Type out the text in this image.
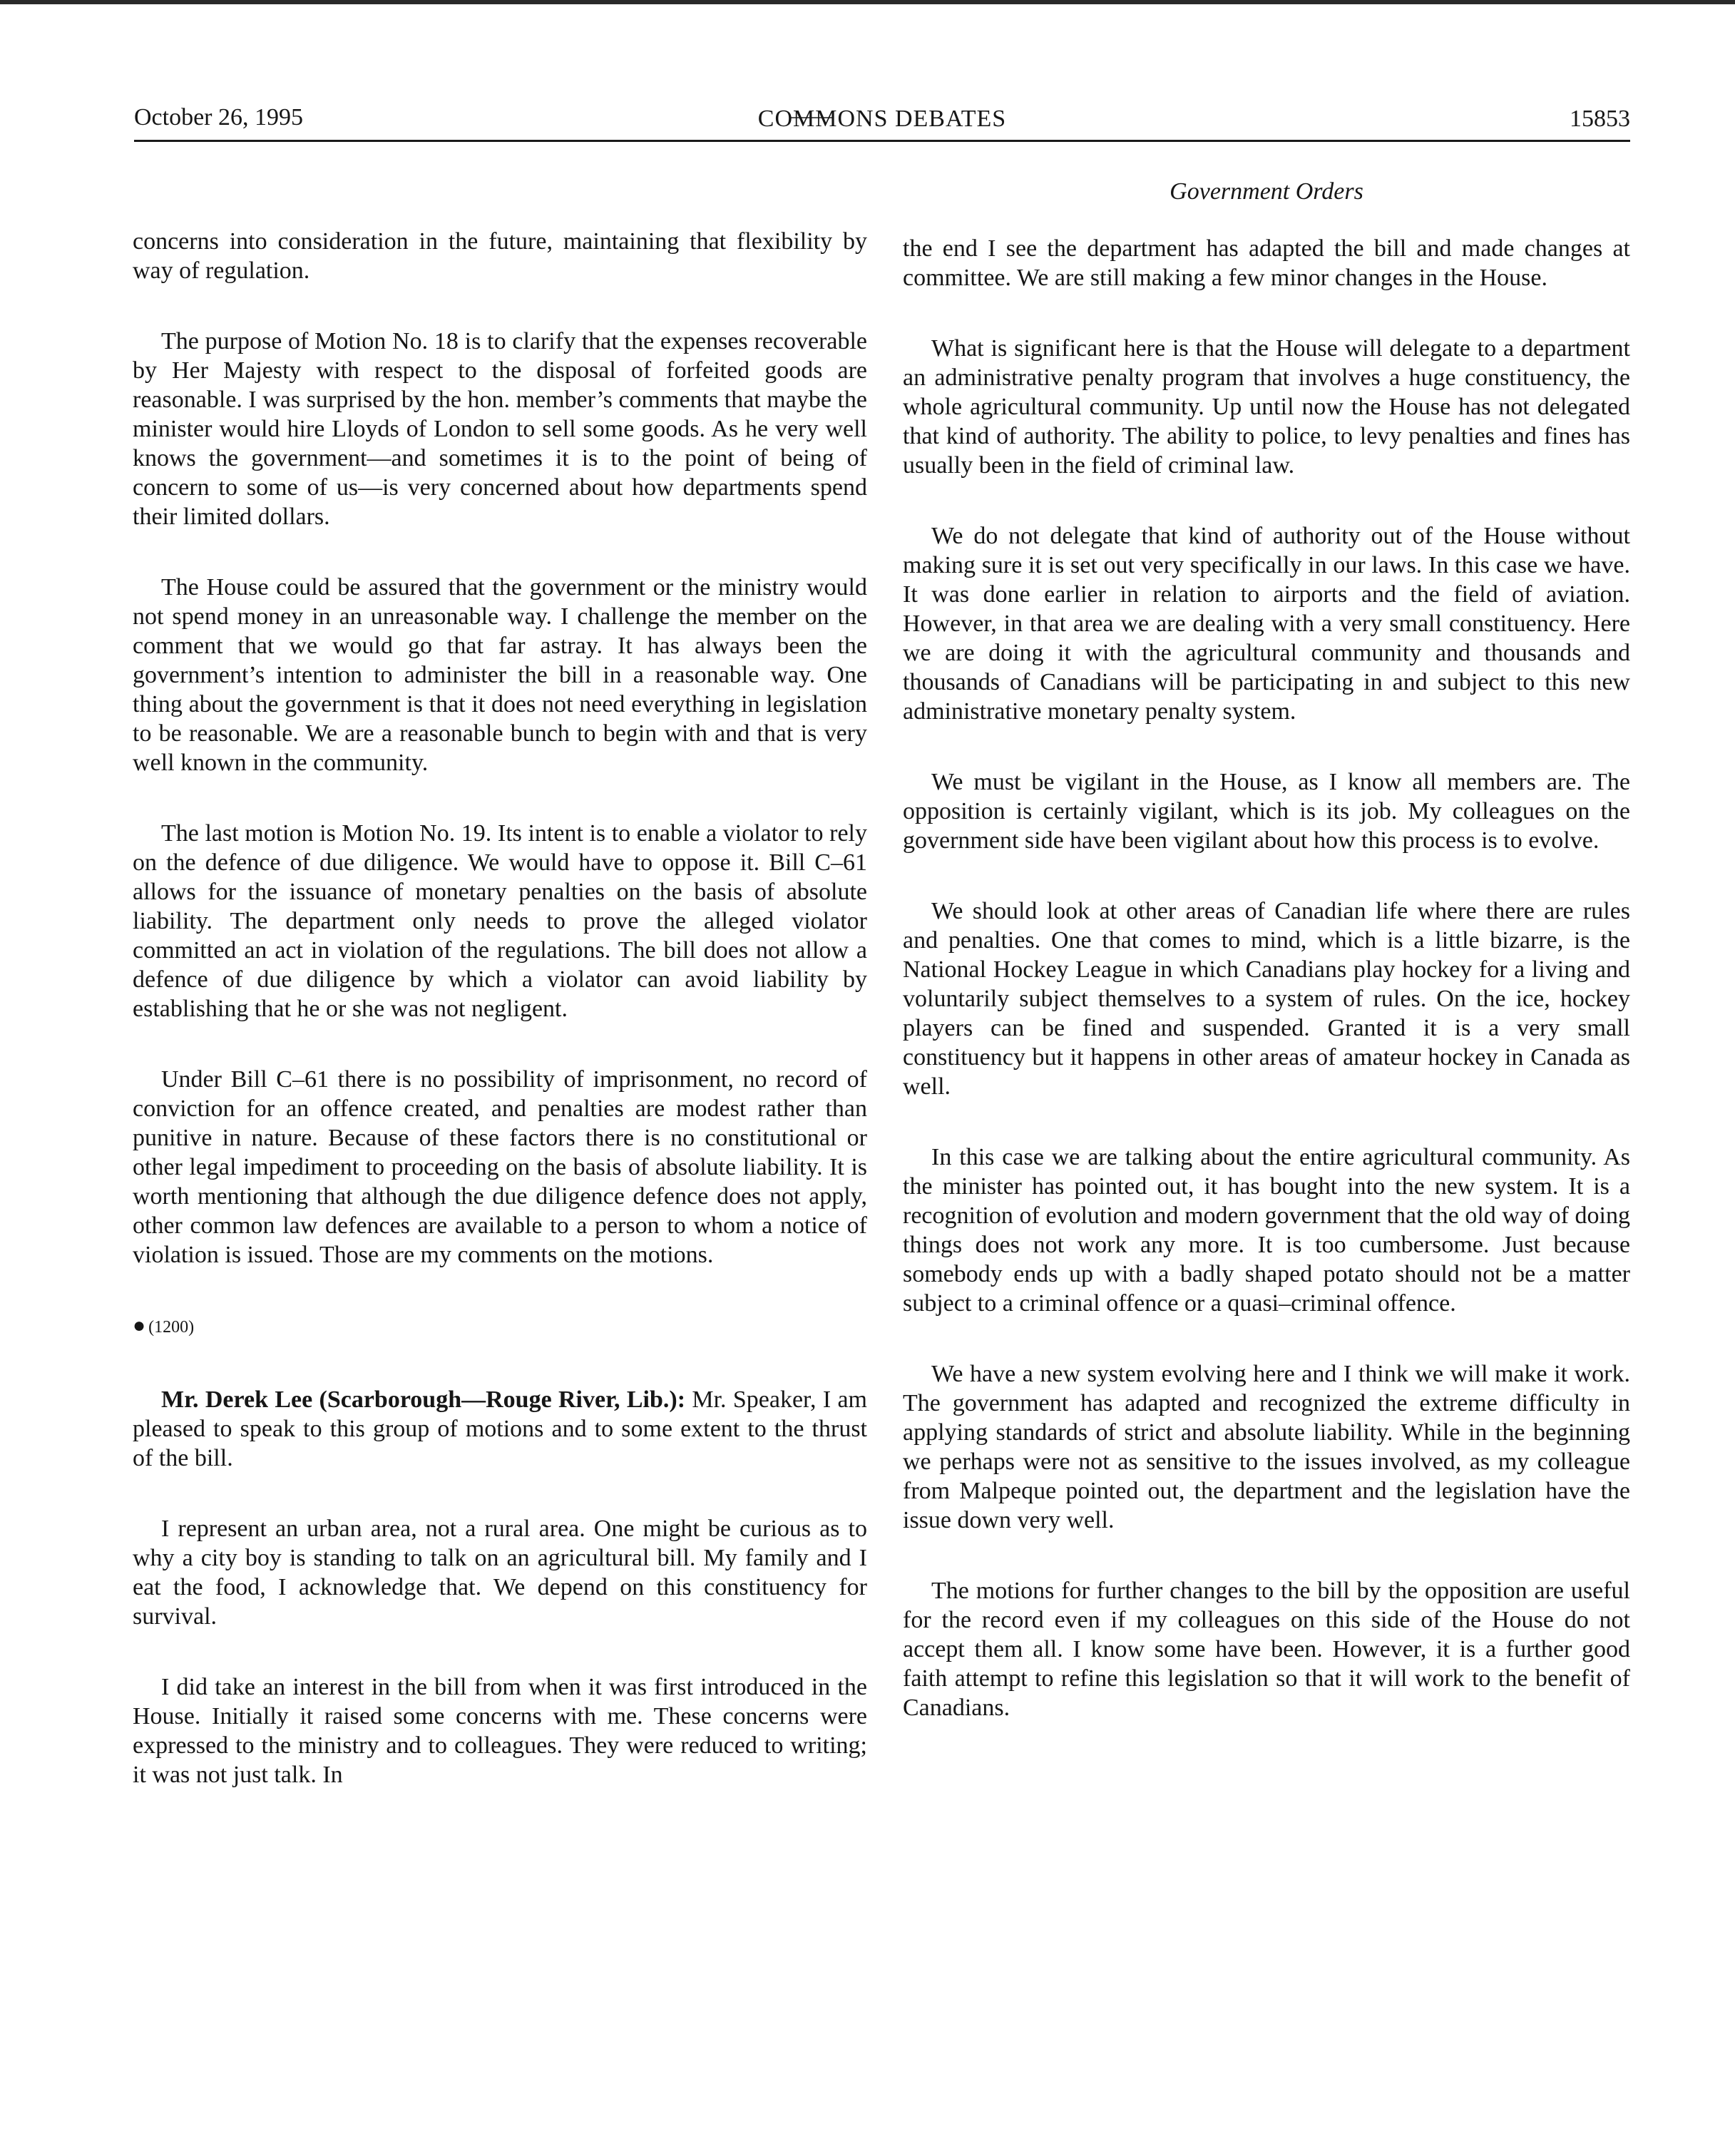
October 26, 1995	COMMONS DEBATES	15853
Government Orders

concerns into consideration in the future, maintaining that flexibility by way of regulation.

The purpose of Motion No. 18 is to clarify that the expenses recoverable by Her Majesty with respect to the disposal of forfeited goods are reasonable. I was surprised by the hon. member’s comments that maybe the minister would hire Lloyds of London to sell some goods. As he very well knows the government—and sometimes it is to the point of being of concern to some of us—is very concerned about how departments spend their limited dollars.

The House could be assured that the government or the ministry would not spend money in an unreasonable way. I challenge the member on the comment that we would go that far astray. It has always been the government’s intention to administer the bill in a reasonable way. One thing about the government is that it does not need everything in legislation to be reasonable. We are a reasonable bunch to begin with and that is very well known in the community.

The last motion is Motion No. 19. Its intent is to enable a violator to rely on the defence of due diligence. We would have to oppose it. Bill C–61 allows for the issuance of monetary penalties on the basis of absolute liability. The department only needs to prove the alleged violator committed an act in violation of the regulations. The bill does not allow a defence of due diligence by which a violator can avoid liability by establishing that he or she was not negligent.

Under Bill C–61 there is no possibility of imprisonment, no record of conviction for an offence created, and penalties are modest rather than punitive in nature. Because of these factors there is no constitutional or other legal impediment to proceeding on the basis of absolute liability. It is worth mentioning that although the due diligence defence does not apply, other common law defences are available to a person to whom a notice of violation is issued. Those are my comments on the motions.

● (1200)

Mr. Derek Lee (Scarborough—Rouge River, Lib.): Mr. Speaker, I am pleased to speak to this group of motions and to some extent to the thrust of the bill.

I represent an urban area, not a rural area. One might be curious as to why a city boy is standing to talk on an agricultural bill. My family and I eat the food, I acknowledge that. We depend on this constituency for survival.

I did take an interest in the bill from when it was first introduced in the House. Initially it raised some concerns with me. These concerns were expressed to the ministry and to colleagues. They were reduced to writing; it was not just talk. In

the end I see the department has adapted the bill and made changes at committee. We are still making a few minor changes in the House.

What is significant here is that the House will delegate to a department an administrative penalty program that involves a huge constituency, the whole agricultural community. Up until now the House has not delegated that kind of authority. The ability to police, to levy penalties and fines has usually been in the field of criminal law.

We do not delegate that kind of authority out of the House without making sure it is set out very specifically in our laws. In this case we have. It was done earlier in relation to airports and the field of aviation. However, in that area we are dealing with a very small constituency. Here we are doing it with the agricultural community and thousands and thousands of Canadians will be participating in and subject to this new administrative monetary penalty system.

We must be vigilant in the House, as I know all members are. The opposition is certainly vigilant, which is its job. My colleagues on the government side have been vigilant about how this process is to evolve.

We should look at other areas of Canadian life where there are rules and penalties. One that comes to mind, which is a little bizarre, is the National Hockey League in which Canadians play hockey for a living and voluntarily subject themselves to a system of rules. On the ice, hockey players can be fined and suspended. Granted it is a very small constituency but it happens in other areas of amateur hockey in Canada as well.

In this case we are talking about the entire agricultural community. As the minister has pointed out, it has bought into the new system. It is a recognition of evolution and modern government that the old way of doing things does not work any more. It is too cumbersome. Just because somebody ends up with a badly shaped potato should not be a matter subject to a criminal offence or a quasi–criminal offence.

We have a new system evolving here and I think we will make it work. The government has adapted and recognized the extreme difficulty in applying standards of strict and absolute liability. While in the beginning we perhaps were not as sensitive to the issues involved, as my colleague from Malpeque pointed out, the department and the legislation have the issue down very well.

The motions for further changes to the bill by the opposition are useful for the record even if my colleagues on this side of the House do not accept them all. I know some have been. However, it is a further good faith attempt to refine this legislation so that it will work to the benefit of Canadians.
